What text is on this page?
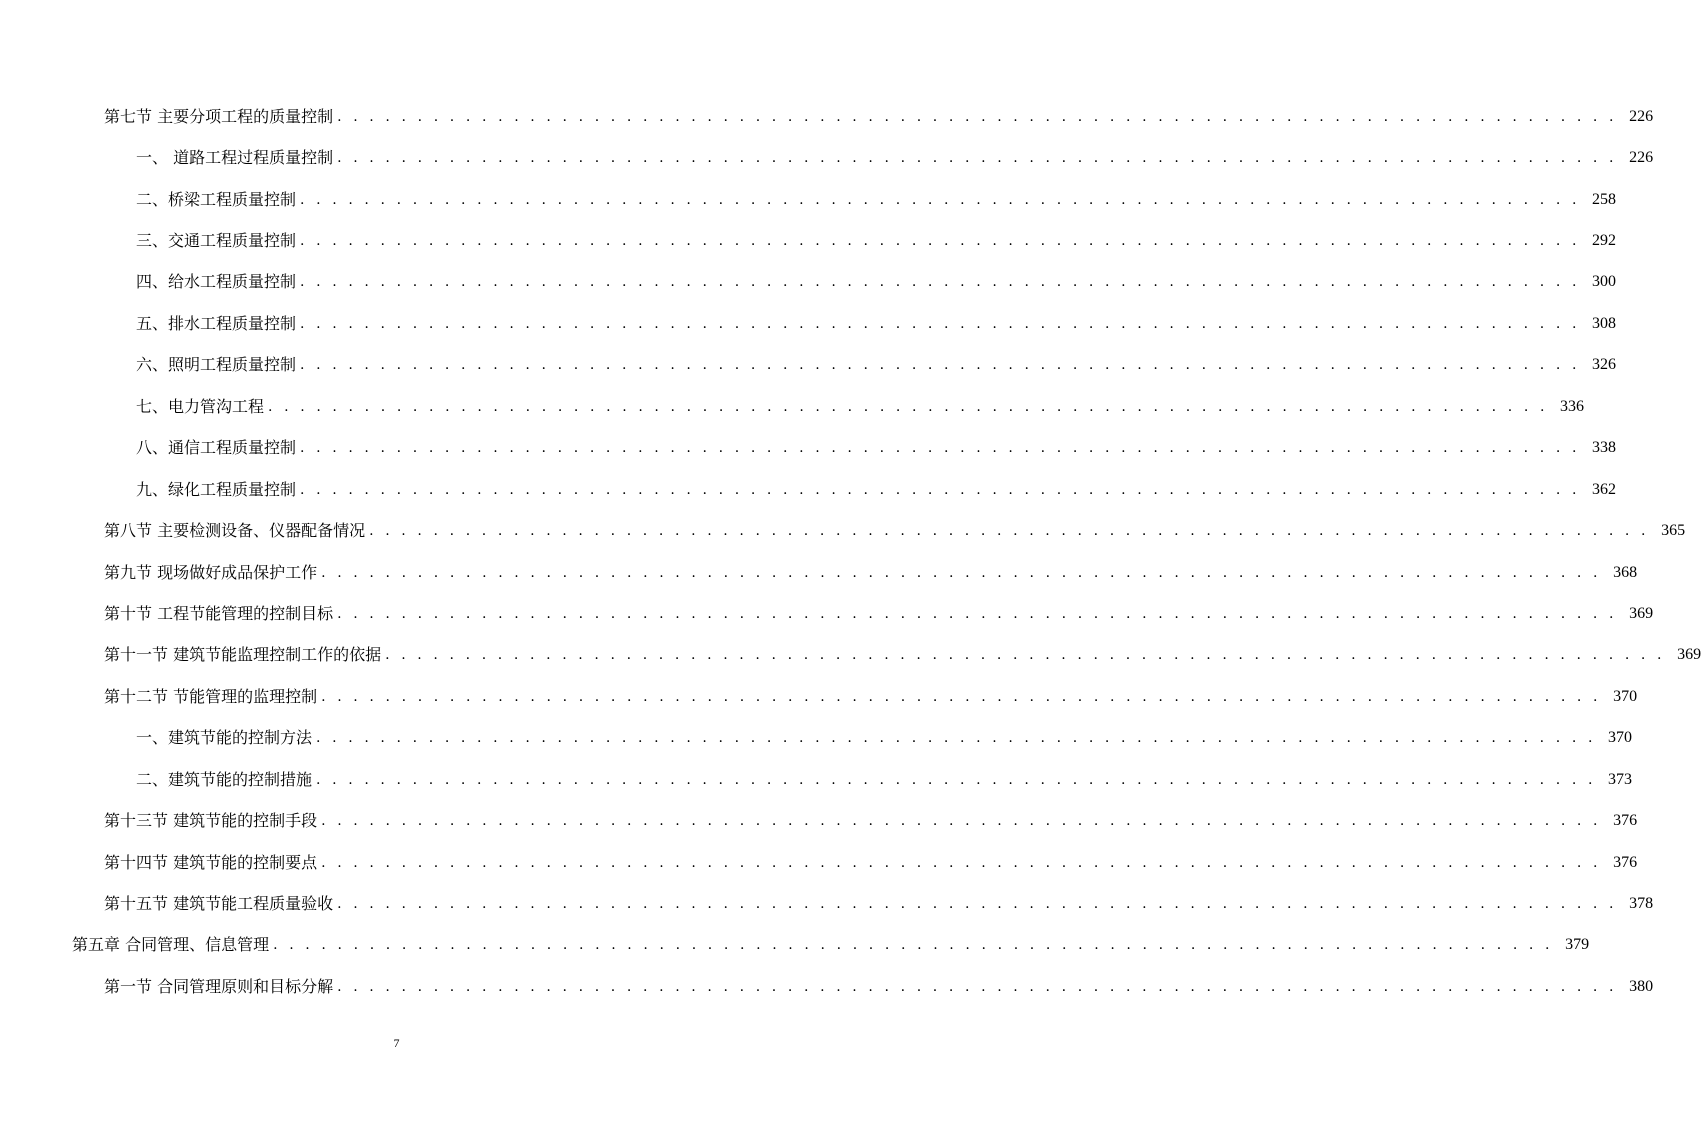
第七节 主要分项工程的质量控制 . . . . . . . . . . . . . . . . . . . . . . . . . . . . . . . . . . . . . . . . . . . . . . . . . . . . . . . . . . . . . . . . . . . . . . . . . . . . . . . . 226
一、 道路工程过程质量控制 . . . . . . . . . . . . . . . . . . . . . . . . . . . . . . . . . . . . . . . . . . . . . . . . . . . . . . . . . . . . . . . . . . . . . . . . . . . . . . . . 226
二、桥梁工程质量控制 . . . . . . . . . . . . . . . . . . . . . . . . . . . . . . . . . . . . . . . . . . . . . . . . . . . . . . . . . . . . . . . . . . . . . . . . . . . . . . . . 258
三、交通工程质量控制 . . . . . . . . . . . . . . . . . . . . . . . . . . . . . . . . . . . . . . . . . . . . . . . . . . . . . . . . . . . . . . . . . . . . . . . . . . . . . . . . 292
四、给水工程质量控制 . . . . . . . . . . . . . . . . . . . . . . . . . . . . . . . . . . . . . . . . . . . . . . . . . . . . . . . . . . . . . . . . . . . . . . . . . . . . . . . . 300
五、排水工程质量控制 . . . . . . . . . . . . . . . . . . . . . . . . . . . . . . . . . . . . . . . . . . . . . . . . . . . . . . . . . . . . . . . . . . . . . . . . . . . . . . . . 308
六、照明工程质量控制 . . . . . . . . . . . . . . . . . . . . . . . . . . . . . . . . . . . . . . . . . . . . . . . . . . . . . . . . . . . . . . . . . . . . . . . . . . . . . . . . 326
七、电力管沟工程 . . . . . . . . . . . . . . . . . . . . . . . . . . . . . . . . . . . . . . . . . . . . . . . . . . . . . . . . . . . . . . . . . . . . . . . . . . . . . . . . 336
八、通信工程质量控制 . . . . . . . . . . . . . . . . . . . . . . . . . . . . . . . . . . . . . . . . . . . . . . . . . . . . . . . . . . . . . . . . . . . . . . . . . . . . . . . . 338
九、绿化工程质量控制 . . . . . . . . . . . . . . . . . . . . . . . . . . . . . . . . . . . . . . . . . . . . . . . . . . . . . . . . . . . . . . . . . . . . . . . . . . . . . . . . 362
第八节 主要检测设备、仪器配备情况 . . . . . . . . . . . . . . . . . . . . . . . . . . . . . . . . . . . . . . . . . . . . . . . . . . . . . . . . . . . . . . . . . . . . . . . . . . . . . . . . 365
第九节 现场做好成品保护工作 . . . . . . . . . . . . . . . . . . . . . . . . . . . . . . . . . . . . . . . . . . . . . . . . . . . . . . . . . . . . . . . . . . . . . . . . . . . . . . . . 368
第十节 工程节能管理的控制目标 . . . . . . . . . . . . . . . . . . . . . . . . . . . . . . . . . . . . . . . . . . . . . . . . . . . . . . . . . . . . . . . . . . . . . . . . . . . . . . . . 369
第十一节 建筑节能监理控制工作的依据 . . . . . . . . . . . . . . . . . . . . . . . . . . . . . . . . . . . . . . . . . . . . . . . . . . . . . . . . . . . . . . . . . . . . . . . . . . . . . . . . 369
第十二节 节能管理的监理控制 . . . . . . . . . . . . . . . . . . . . . . . . . . . . . . . . . . . . . . . . . . . . . . . . . . . . . . . . . . . . . . . . . . . . . . . . . . . . . . . . 370
一、建筑节能的控制方法 . . . . . . . . . . . . . . . . . . . . . . . . . . . . . . . . . . . . . . . . . . . . . . . . . . . . . . . . . . . . . . . . . . . . . . . . . . . . . . . . 370
二、建筑节能的控制措施 . . . . . . . . . . . . . . . . . . . . . . . . . . . . . . . . . . . . . . . . . . . . . . . . . . . . . . . . . . . . . . . . . . . . . . . . . . . . . . . . 373
第十三节 建筑节能的控制手段 . . . . . . . . . . . . . . . . . . . . . . . . . . . . . . . . . . . . . . . . . . . . . . . . . . . . . . . . . . . . . . . . . . . . . . . . . . . . . . . . 376
第十四节 建筑节能的控制要点 . . . . . . . . . . . . . . . . . . . . . . . . . . . . . . . . . . . . . . . . . . . . . . . . . . . . . . . . . . . . . . . . . . . . . . . . . . . . . . . . 376
第十五节 建筑节能工程质量验收 . . . . . . . . . . . . . . . . . . . . . . . . . . . . . . . . . . . . . . . . . . . . . . . . . . . . . . . . . . . . . . . . . . . . . . . . . . . . . . . . 378
第五章 合同管理、信息管理 . . . . . . . . . . . . . . . . . . . . . . . . . . . . . . . . . . . . . . . . . . . . . . . . . . . . . . . . . . . . . . . . . . . . . . . . . . . . . . . . 379
第一节 合同管理原则和目标分解 . . . . . . . . . . . . . . . . . . . . . . . . . . . . . . . . . . . . . . . . . . . . . . . . . . . . . . . . . . . . . . . . . . . . . . . . . . . . . . . . 380
7
